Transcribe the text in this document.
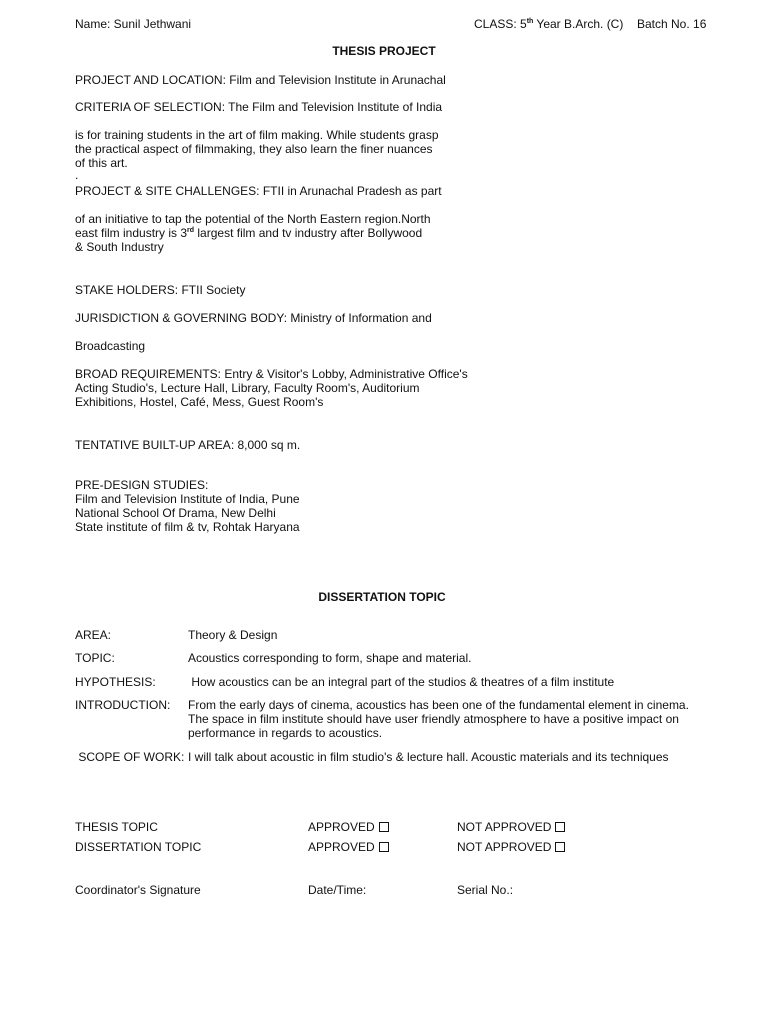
Name: Sunil Jethwani	CLASS: 5th Year B.Arch. (C) Batch No. 16
THESIS PROJECT
PROJECT AND LOCATION: Film and Television Institute in Arunachal
CRITERIA OF SELECTION: The Film and Television Institute of India
is for training students in the art of film making. While students grasp
the practical aspect of filmmaking, they also learn the finer nuances
of this art.
.
PROJECT & SITE CHALLENGES: FTII in Arunachal Pradesh as part
of an initiative to tap the potential of the North Eastern region.North
east film industry is 3rd largest film and tv industry after Bollywood
& South Industry
STAKE HOLDERS: FTII Society
JURISDICTION & GOVERNING BODY: Ministry of Information and
Broadcasting
BROAD REQUIREMENTS: Entry & Visitor's Lobby, Administrative Office's
Acting Studio's, Lecture Hall, Library, Faculty Room's, Auditorium
Exhibitions, Hostel, Café, Mess, Guest Room's
TENTATIVE BUILT-UP AREA: 8,000 sq m.
PRE-DESIGN STUDIES:
Film and Television Institute of India, Pune
National School Of Drama, New Delhi
State institute of film & tv, Rohtak Haryana
DISSERTATION TOPIC
AREA:	Theory & Design
TOPIC:	Acoustics corresponding to form, shape and material.
HYPOTHESIS:	How acoustics can be an integral part of the studios & theatres of a film institute
INTRODUCTION: From the early days of cinema, acoustics has been one of the fundamental element in cinema.
The space in film institute should have user friendly atmosphere to have a positive impact on
performance in regards to acoustics.
SCOPE OF WORK: I will talk about acoustic in film studio's & lecture hall. Acoustic materials and its techniques
THESIS TOPIC	APPROVED	NOT APPROVED
DISSERTATION TOPIC	APPROVED	NOT APPROVED
Coordinator's Signature	Date/Time:	Serial No.:
